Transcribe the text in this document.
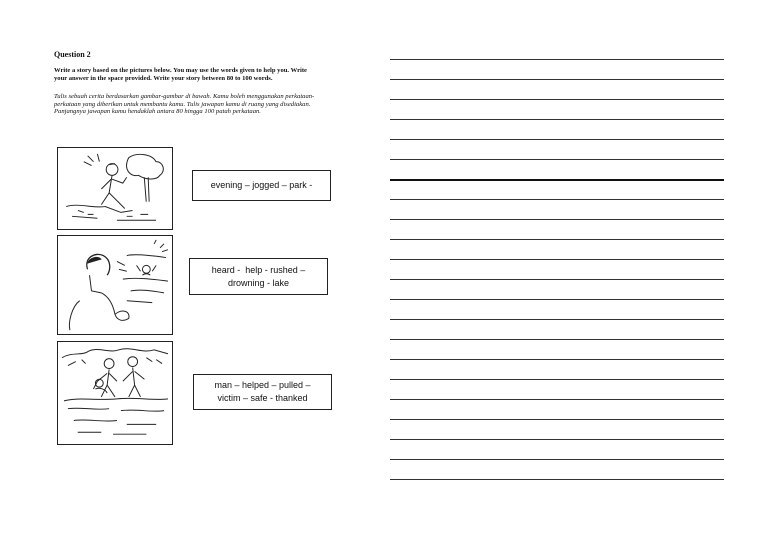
Question 2
Write a story based on the pictures below. You may use the words given to help you. Write your answer in the space provided. Write your story between 80 to 100 words.
Tulis sebuah cerita berdasarkan gambar-gambar di bawah. Kamu boleh menggunakan perkataan-perkataan yang diberikan untuk membantu kamu. Tulis jawapan kamu di ruang yang disediakan. Panjangnya jawapan kamu hendaklah antara 80 hingga 100 patah perkataan.
evening – jogged – park -
heard -  help - rushed –
drowning - lake
man – helped – pulled –
victim – safe - thanked
